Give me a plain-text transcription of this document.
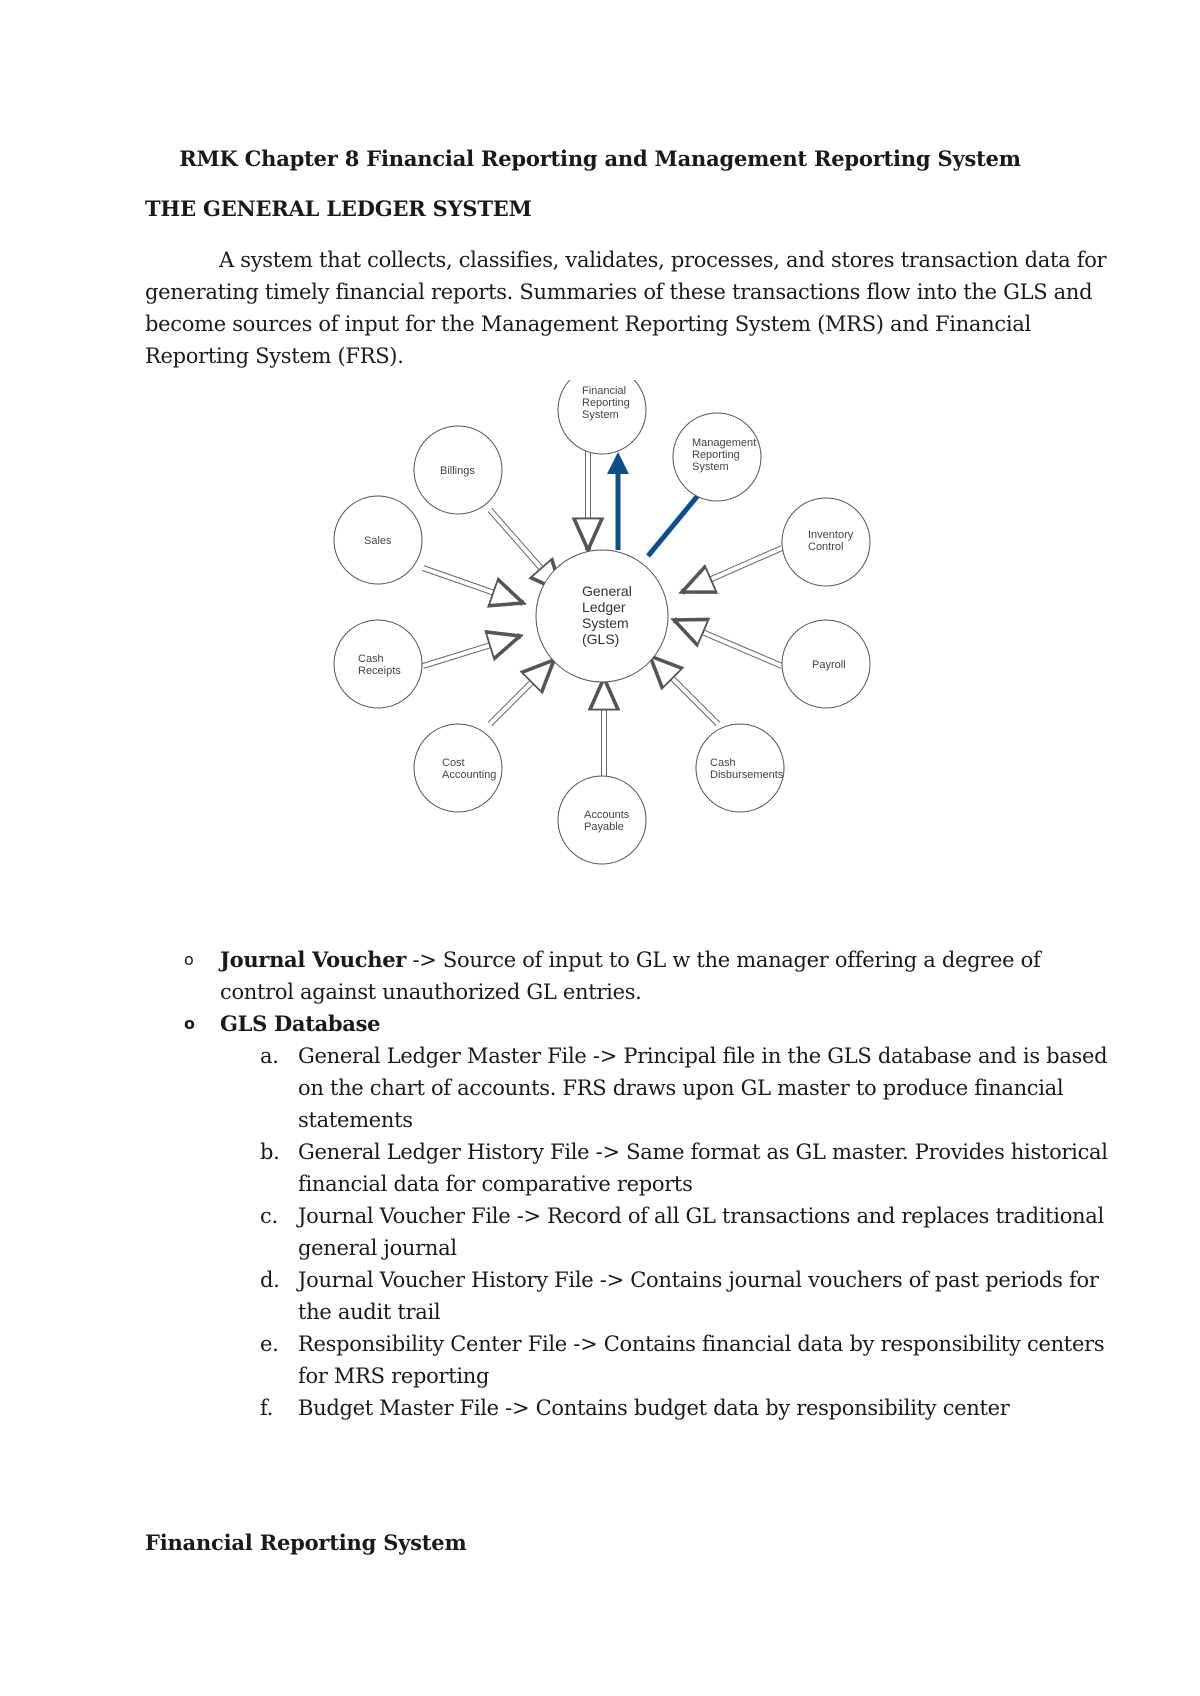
RMK Chapter 8 Financial Reporting and Management Reporting System
THE GENERAL LEDGER SYSTEM
A system that collects, classifies, validates, processes, and stores transaction data for
generating timely financial reports. Summaries of these transactions flow into the GLS and
become sources of input for the Management Reporting System (MRS) and Financial
Reporting System (FRS).
General
Ledger
System
(GLS)
Financial
Reporting
System
Management
Reporting
System
Billings
Sales
Cash
Receipts
Cost
Accounting
Accounts
Payable
Cash
Disbursements
Payroll
Inventory
Control
o Journal Voucher -> Source of input to GL w the manager offering a degree of
control against unauthorized GL entries.
o GLS Database
a. General Ledger Master File -> Principal file in the GLS database and is based
on the chart of accounts. FRS draws upon GL master to produce financial
statements
b. General Ledger History File -> Same format as GL master. Provides historical
financial data for comparative reports
c. Journal Voucher File -> Record of all GL transactions and replaces traditional
general journal
d. Journal Voucher History File -> Contains journal vouchers of past periods for
the audit trail
e. Responsibility Center File -> Contains financial data by responsibility centers
for MRS reporting
f. Budget Master File -> Contains budget data by responsibility center
Financial Reporting System
